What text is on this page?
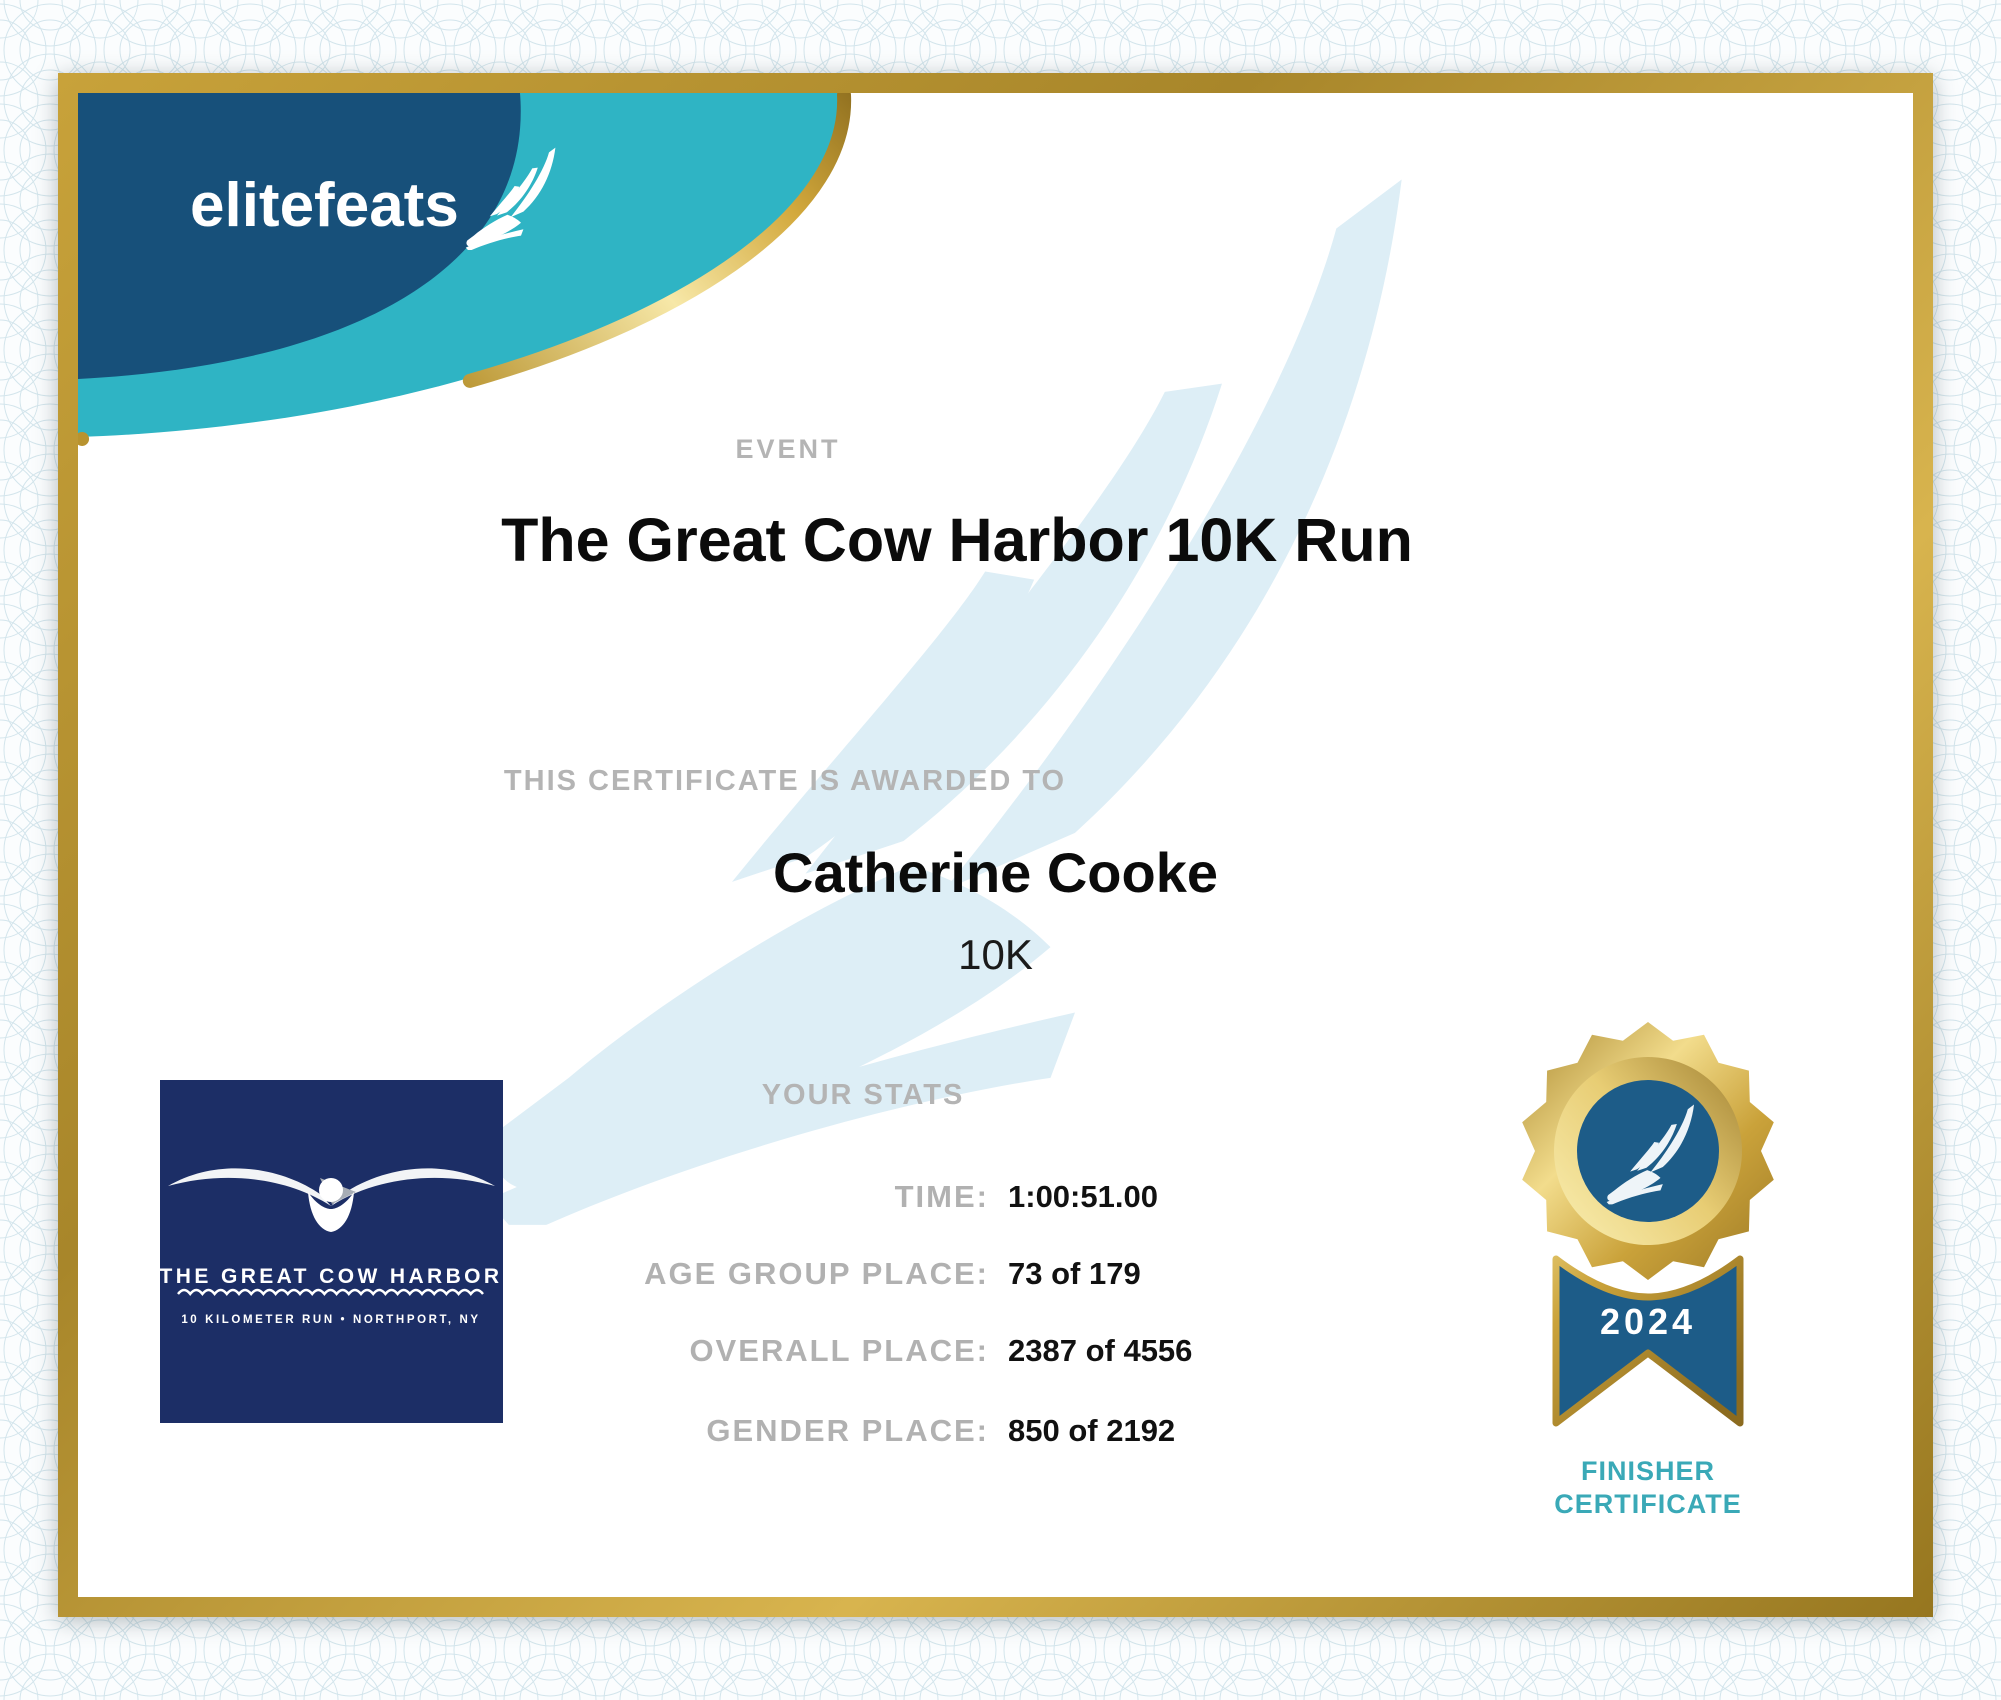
elitefeats
EVENT
The Great Cow Harbor 10K Run
THIS CERTIFICATE IS AWARDED TO
Catherine Cooke
10K
YOUR STATS
TIME: 1:00:51.00
AGE GROUP PLACE: 73 of 179
OVERALL PLACE: 2387 of 4556
GENDER PLACE: 850 of 2192
THE GREAT COW HARBOR
10 KILOMETER RUN • NORTHPORT, NY	2024
FINISHER
CERTIFICATE
